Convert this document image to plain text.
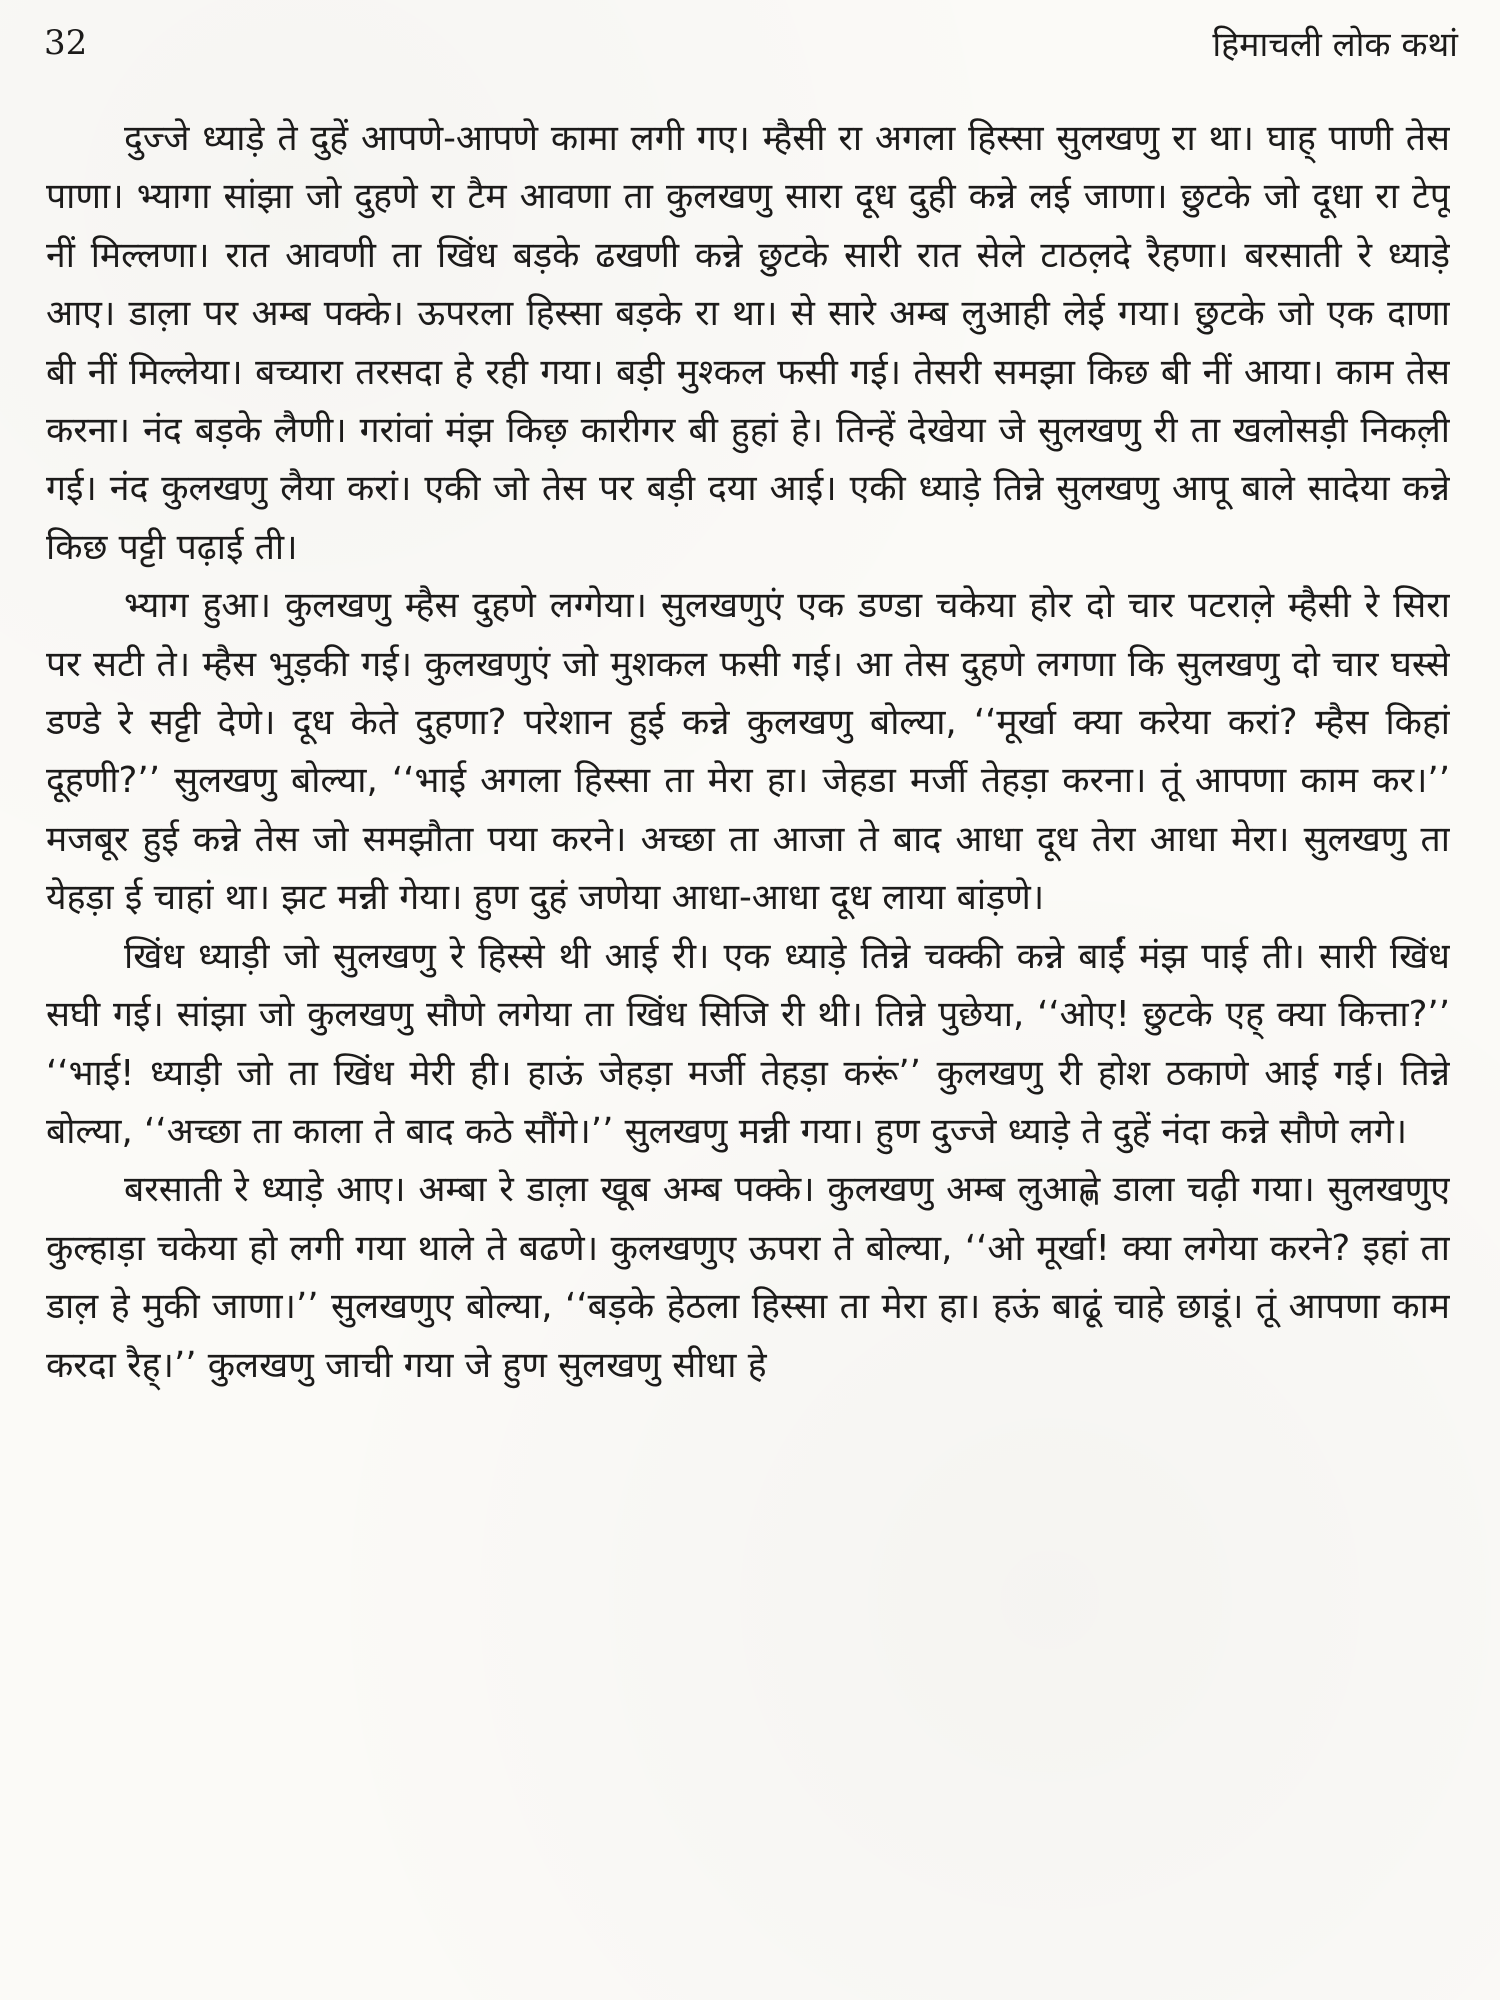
32	हिमाचली लोक कथां

दुज्जे ध्याड़े ते दुहें आपणे-आपणे कामा लगी गए। म्हैसी रा अगला हिस्सा सुलखणु रा था। घाह् पाणी तेस पाणा। भ्यागा सांझा जो दुहणे रा टैम आवणा ता कुलखणु सारा दूध दुही कन्ने लई जाणा। छुटके जो दूधा रा टेपू नीं मिल्लणा। रात आवणी ता खिंध बड़के ढखणी कन्ने छुटके सारी रात सेले टाठल़दे रैहणा। बरसाती रे ध्याड़े आए। डाल़ा पर अम्ब पक्के। ऊपरला हिस्सा बड़के रा था। से सारे अम्ब लुआही लेई गया। छुटके जो एक दाणा बी नीं मिल्लेया। बच्यारा तरसदा हे रही गया। बड़ी मुश्कल फसी गई। तेसरी समझा किछ बी नीं आया। काम तेस करना। नंद बड़के लैणी। गरांवां मंझ किछ़ कारीगर बी हुहां हे। तिन्हें देखेया जे सुलखणु री ता खलोसड़ी निकल़ी गई। नंद कुलखणु लैया करां। एकी जो तेस पर बड़ी दया आई। एकी ध्याड़े तिन्ने सुलखणु आपू बाले सादेया कन्ने किछ पट्टी पढ़ाई ती।

भ्याग हुआ। कुलखणु म्हैस दुहणे लग्गेया। सुलखणुएं एक डण्डा चकेया होर दो चार पटराल़े म्हैसी रे सिरा पर सटी ते। म्हैस भुड़की गई। कुलखणुएं जो मुशकल फसी गई। आ तेस दुहणे लगणा कि सुलखणु दो चार घस्से डण्डे रे सट्टी देणे। दूध केते दुहणा? परेशान हुई कन्ने कुलखणु बोल्या, ‘‘मूर्खा क्या करेया करां? म्हैस किहां दूहणी?’’ सुलखणु बोल्या, ‘‘भाई अगला हिस्सा ता मेरा हा। जेहडा मर्जी तेहड़ा करना। तूं आपणा काम कर।’’ मजबूर हुई कन्ने तेस जो समझौता पया करने। अच्छा ता आजा ते बाद आधा दूध तेरा आधा मेरा। सुलखणु ता येहड़ा ई चाहां था। झट मन्नी गेया। हुण दुहं जणेया आधा-आधा दूध लाया बांड़णे।

खिंध ध्याड़ी जो सुलखणु रे हिस्से थी आई री। एक ध्याड़े तिन्ने चक्की कन्ने बाईं मंझ पाई ती। सारी खिंध सघी गई। सांझा जो कुलखणु सौणे लगेया ता खिंध सिजि री थी। तिन्ने पुछेया, ‘‘ओए! छुटके एह् क्या कित्ता?’’ ‘‘भाई! ध्याड़ी जो ता खिंध मेरी ही। हाऊं जेहड़ा मर्जी तेहड़ा करूं’’ कुलखणु री होश ठकाणे आई गई। तिन्ने बोल्या, ‘‘अच्छा ता काला ते बाद कठे सौंगे।’’ सुलखणु मन्नी गया। हुण दुज्जे ध्याड़े ते दुहें नंदा कन्ने सौणे लगे।

बरसाती रे ध्याड़े आए। अम्बा रे डाल़ा खूब अम्ब पक्के। कुलखणु अम्ब लुआह्णे डाला चढ़ी गया। सुलखणुए कुल्हाड़ा चकेया हो लगी गया थाले ते बढणे। कुलखणुए ऊपरा ते बोल्या, ‘‘ओ मूर्खा! क्या लगेया करने? इहां ता डाल़ हे मुकी जाणा।’’ सुलखणुए बोल्या, ‘‘बड़के हेठला हिस्सा ता मेरा हा। हऊं बाढूं चाहे छाडूं। तूं आपणा काम करदा रैह्।’’ कुलखणु जाची गया जे हुण सुलखणु सीधा हे
